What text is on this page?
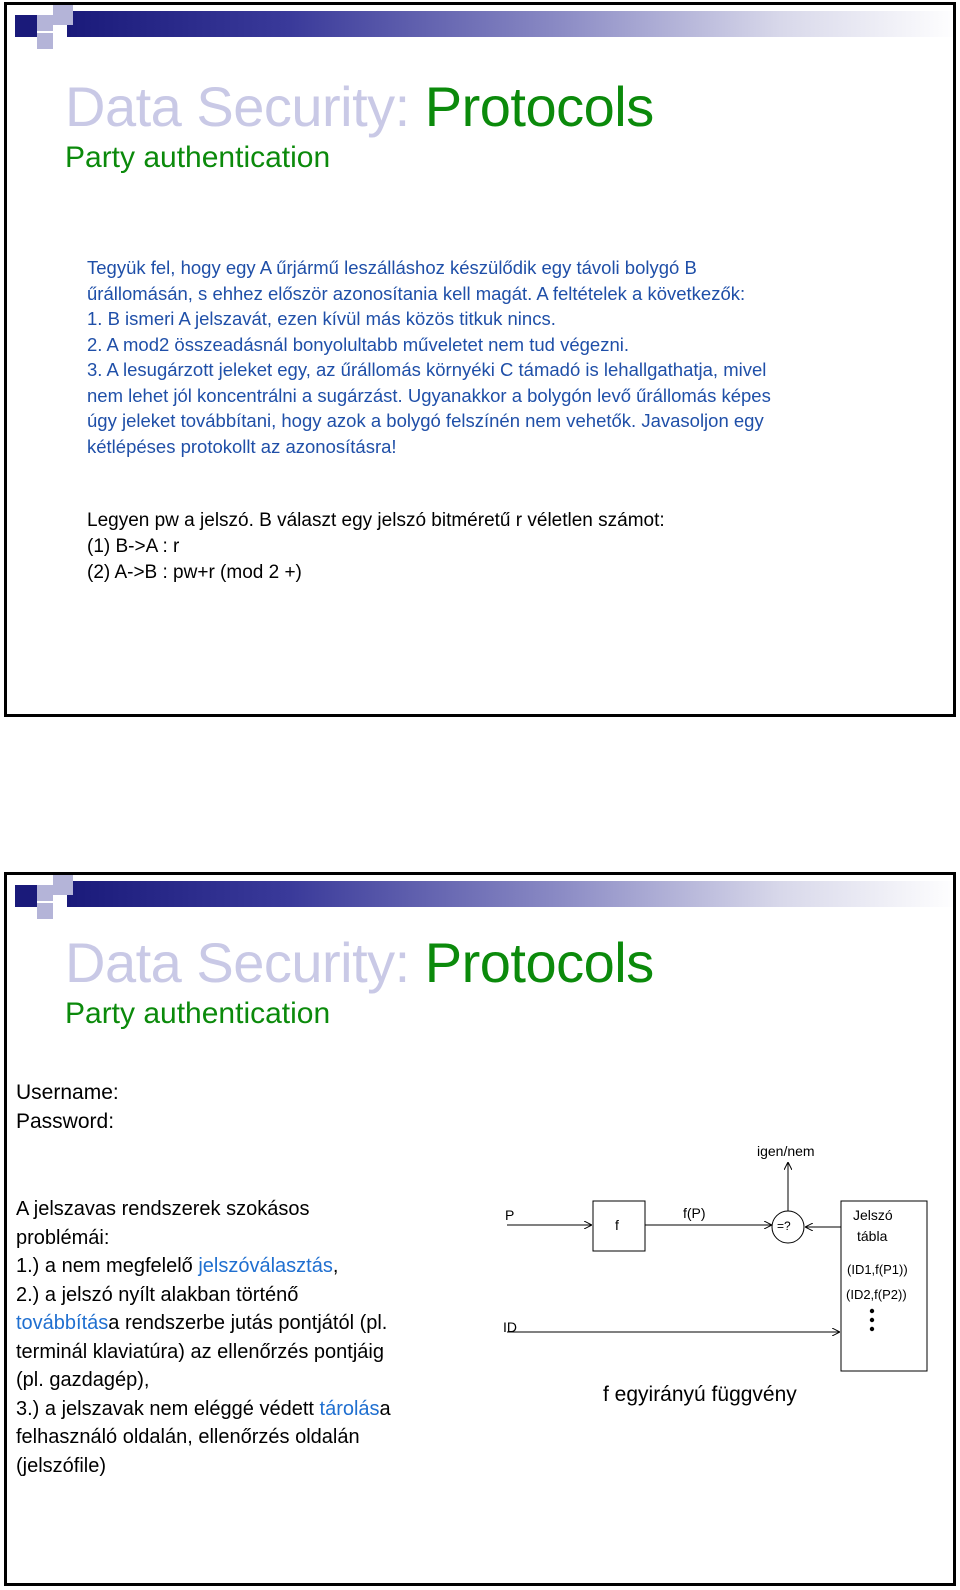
Data Security: Protocols
Party authentication

Tegyük fel, hogy egy A űrjármű leszálláshoz készülődik egy távoli bolygó B

űrállomásán, s ehhez először azonosítania kell magát. A feltételek a következők:

1. B ismeri A jelszavát, ezen kívül más közös titkuk nincs.

2. A mod2 összeadásnál bonyolultabb műveletet nem tud végezni.

3. A lesugárzott jeleket egy, az űrállomás környéki C támadó is lehallgathatja, mivel

nem lehet jól koncentrálni a sugárzást. Ugyanakkor a bolygón levő űrállomás képes

úgy jeleket továbbítani, hogy azok a bolygó felszínén nem vehetők. Javasoljon egy

kétlépéses protokollt az azonosításra!

Legyen pw a jelszó. B választ egy jelszó bitméretű r véletlen számot:

(1) B->A : r

(2) A->B : pw+r (mod 2 +)

Data Security: Protocols
Party authentication

Username:

Password:

A jelszavas rendszerek szokásos

problémái:

1.) a nem megfelelő jelszóválasztás,

2.) a jelszó nyílt alakban történő

továbbítása rendszerbe jutás pontjától (pl.

terminál klaviatúra) az ellenőrzés pontjáig

(pl. gazdagép),

3.) a jelszavak nem eléggé védett tárolása

felhasználó oldalán, ellenőrzés oldalán

(jelszófile)

igen/nem
P
f
f(P)
=?
Jelszó
tábla
(ID1,f(P1))
(ID2,f(P2))
ID
f egyirányú függvény
